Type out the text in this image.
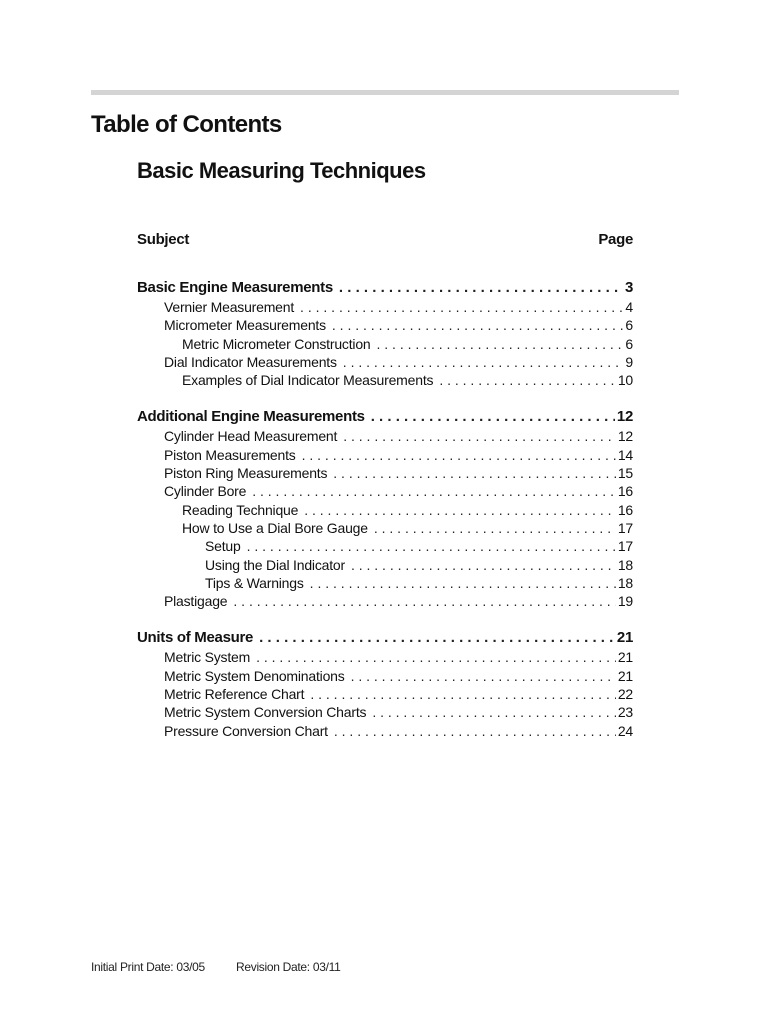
Table of Contents
Basic Measuring Techniques
Subject	Page
Basic Engine Measurements . . .	3
Vernier Measurement . . .	4
Micrometer Measurements . . .	6
Metric Micrometer Construction . . .	6
Dial Indicator Measurements . . .	9
Examples of Dial Indicator Measurements . . .	10
Additional Engine Measurements . . .	12
Cylinder Head Measurement . . .	12
Piston Measurements . . .	14
Piston Ring Measurements . . .	15
Cylinder Bore . . .	16
Reading Technique . . .	16
How to Use a Dial Bore Gauge . . .	17
Setup . . .	17
Using the Dial Indicator . . .	18
Tips & Warnings . . .	18
Plastigage . . .	19
Units of Measure . . .	21
Metric System . . .	21
Metric System Denominations . . .	21
Metric Reference Chart . . .	22
Metric System Conversion Charts . . .	23
Pressure Conversion Chart . . .	24
Initial Print Date: 03/05	Revision Date: 03/11
